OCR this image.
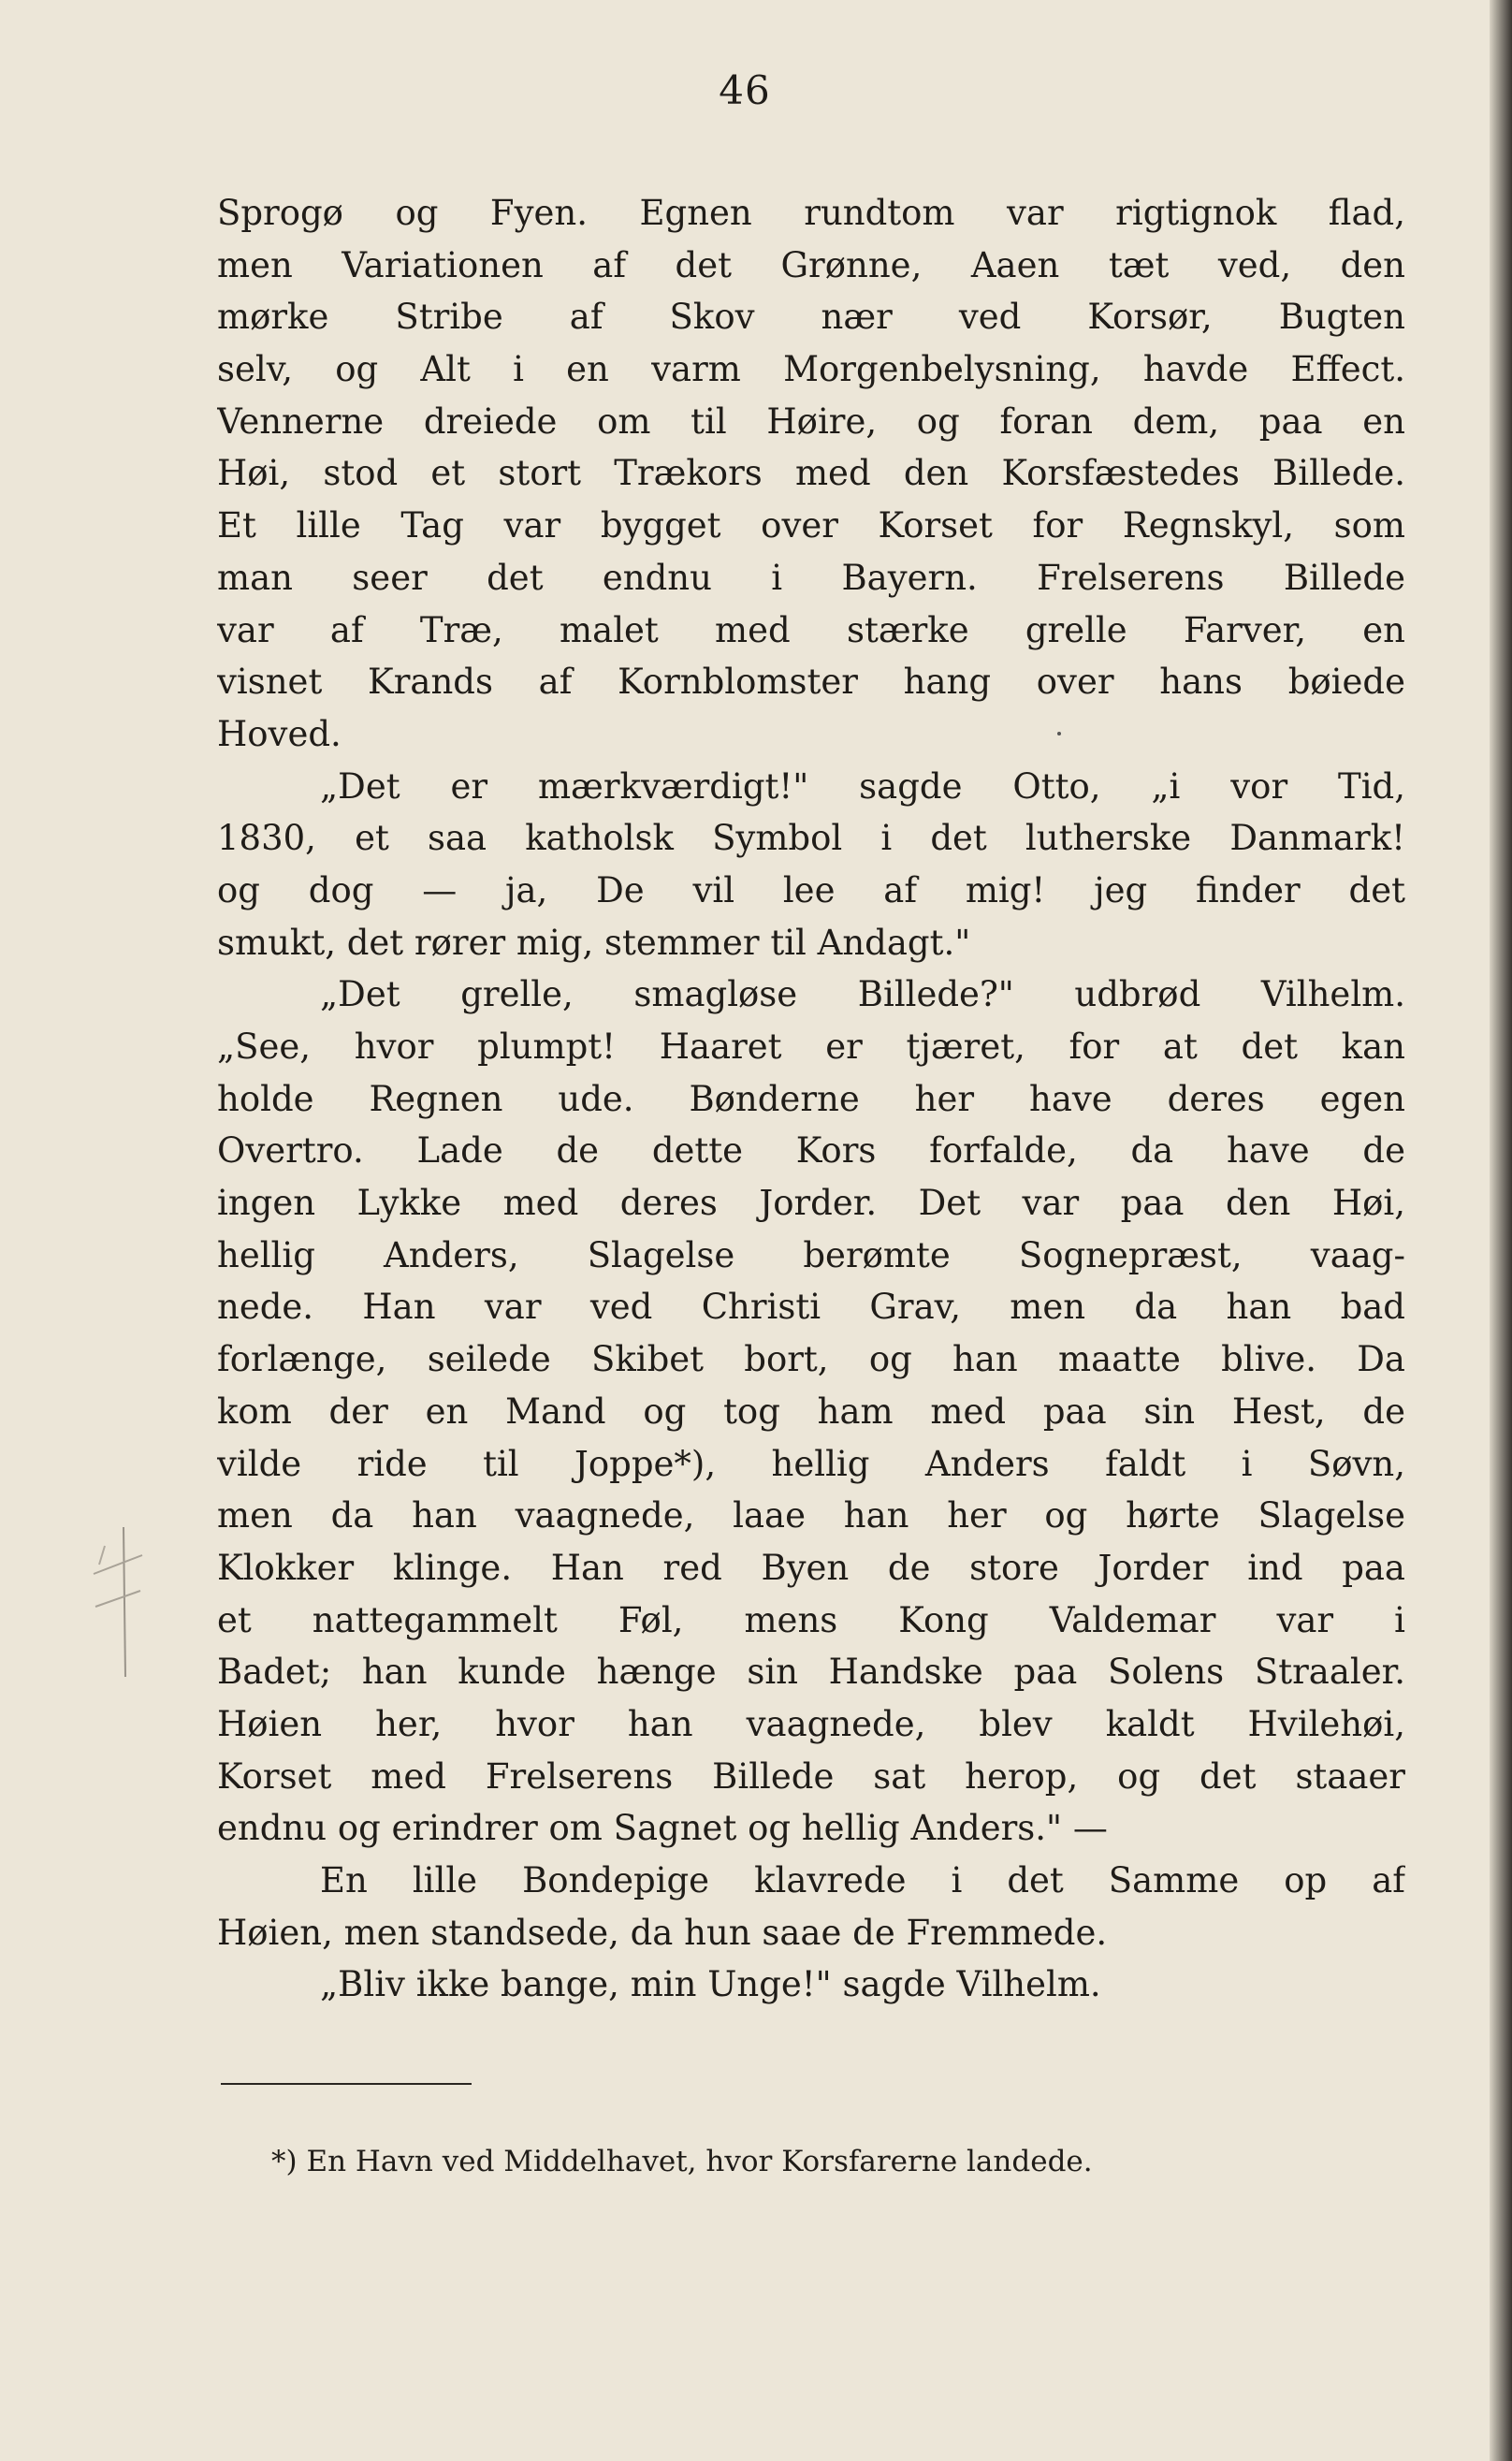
46
Sprogø og Fyen. Egnen rundtom var rigtignok flad,
men Variationen af det Grønne, Aaen tæt ved, den
mørke Stribe af Skov nær ved Korsør, Bugten
selv, og Alt i en varm Morgenbelysning, havde Effect.
Vennerne dreiede om til Høire, og foran dem, paa en
Høi, stod et stort Trækors med den Korsfæstedes Billede.
Et lille Tag var bygget over Korset for Regnskyl, som
man seer det endnu i Bayern. Frelserens Billede
var af Træ, malet med stærke grelle Farver, en
visnet Krands af Kornblomster hang over hans bøiede
Hoved.
„Det er mærkværdigt!" sagde Otto, „i vor Tid,
1830, et saa katholsk Symbol i det lutherske Danmark!
og dog — ja, De vil lee af mig! jeg finder det
smukt, det rører mig, stemmer til Andagt."
„Det grelle, smagløse Billede?" udbrød Vilhelm.
„See, hvor plumpt! Haaret er tjæret, for at det kan
holde Regnen ude. Bønderne her have deres egen
Overtro. Lade de dette Kors forfalde, da have de
ingen Lykke med deres Jorder. Det var paa den Høi,
hellig Anders, Slagelse berømte Sognepræst, vaag-
nede. Han var ved Christi Grav, men da han bad
forlænge, seilede Skibet bort, og han maatte blive. Da
kom der en Mand og tog ham med paa sin Hest, de
vilde ride til Joppe*), hellig Anders faldt i Søvn,
men da han vaagnede, laae han her og hørte Slagelse
Klokker klinge. Han red Byen de store Jorder ind paa
et nattegammelt Føl, mens Kong Valdemar var i
Badet; han kunde hænge sin Handske paa Solens Straaler.
Høien her, hvor han vaagnede, blev kaldt Hvilehøi,
Korset med Frelserens Billede sat herop, og det staaer
endnu og erindrer om Sagnet og hellig Anders." —
En lille Bondepige klavrede i det Samme op af
Høien, men standsede, da hun saae de Fremmede.
„Bliv ikke bange, min Unge!" sagde Vilhelm.
*) En Havn ved Middelhavet, hvor Korsfarerne landede.
